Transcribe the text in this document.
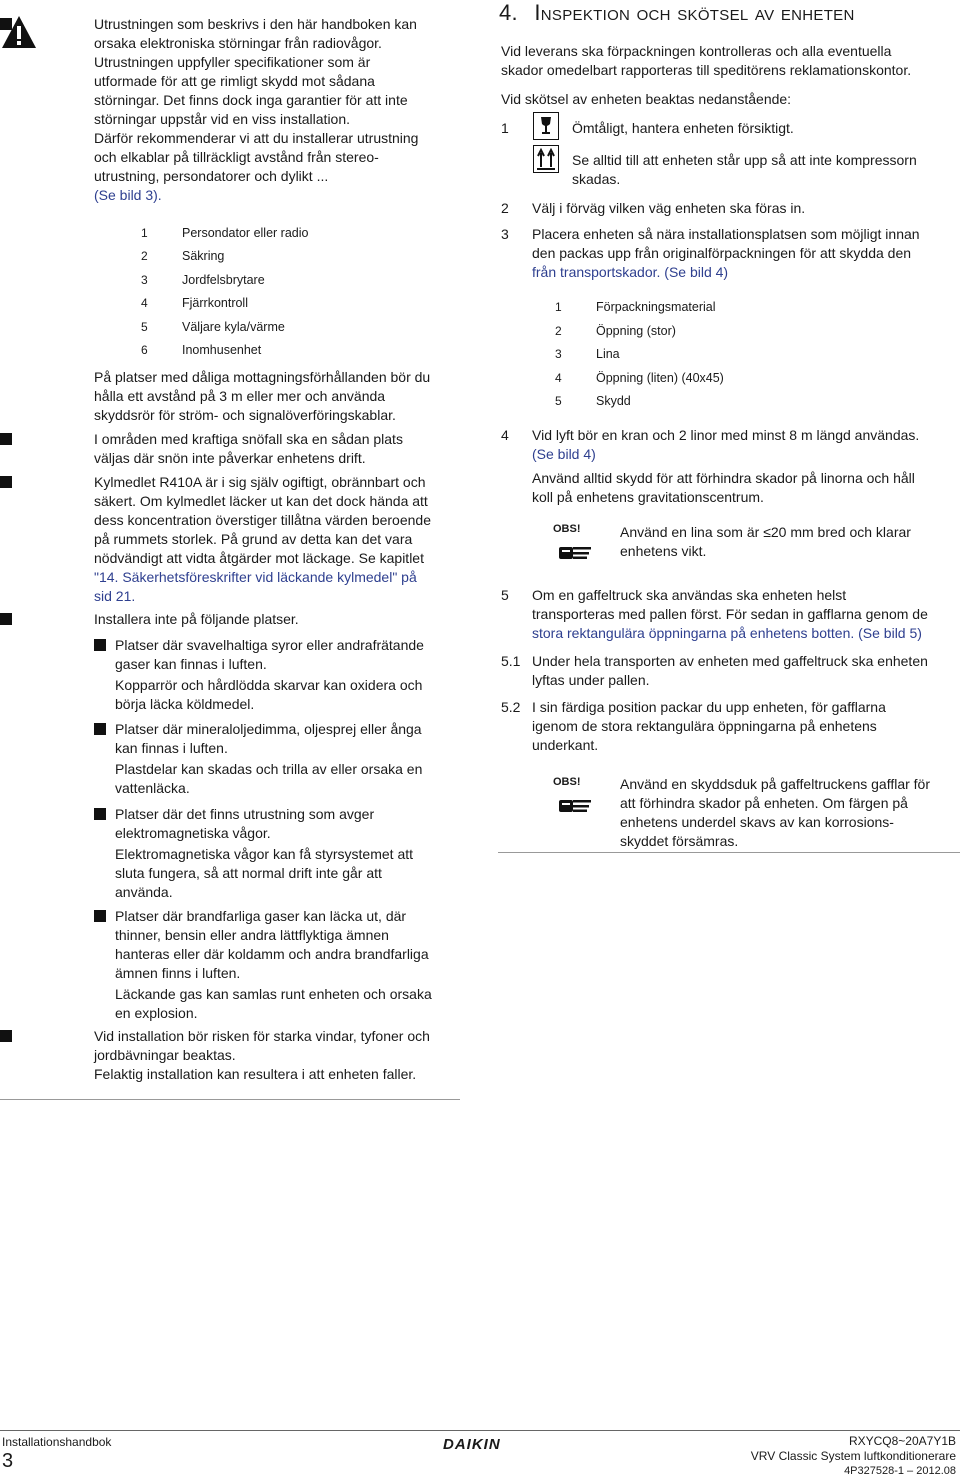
Utrustningen som beskrivs i den här handboken kan
orsaka elektroniska störningar från radiovågor.
Utrustningen uppfyller specifikationer som är
utformade för att ge rimligt skydd mot sådana
störningar. Det finns dock inga garantier för att inte
störningar uppstår vid en viss installation.
Därför rekommenderar vi att du installerar utrustning
och elkablar på tillräckligt avstånd från stereo-
utrustning, persondatorer och dylikt ...
(Se bild 3).
1	Persondator eller radio
2	Säkring
3	Jordfelsbrytare
4	Fjärrkontroll
5	Väljare kyla/värme
6	Inomhusenhet
På platser med dåliga mottagningsförhållanden bör du
hålla ett avstånd på 3 m eller mer och använda
skyddsrör för ström- och signalöverföringskablar.
I områden med kraftiga snöfall ska en sådan plats
väljas där snön inte påverkar enhetens drift.
Kylmedlet R410A är i sig själv ogiftigt, obrännbart och
säkert. Om kylmedlet läcker ut kan det dock hända att
dess koncentration överstiger tillåtna värden beroende
på rummets storlek. På grund av detta kan det vara
nödvändigt att vidta åtgärder mot läckage. Se kapitlet
"14. Säkerhetsföreskrifter vid läckande kylmedel" på
sid 21.
Installera inte på följande platser.
Platser där svavelhaltiga syror eller andrafrätande
gaser kan finnas i luften.
Kopparrör och hårdlödda skarvar kan oxidera och
börja läcka köldmedel.
Platser där mineraloljedimma, oljesprej eller ånga
kan finnas i luften.
Plastdelar kan skadas och trilla av eller orsaka en
vattenläcka.
Platser där det finns utrustning som avger
elektromagnetiska vågor.
Elektromagnetiska vågor kan få styrsystemet att
sluta fungera, så att normal drift inte går att
använda.
Platser där brandfarliga gaser kan läcka ut, där
thinner, bensin eller andra lättflyktiga ämnen
hanteras eller där koldamm och andra brandfarliga
ämnen finns i luften.
Läckande gas kan samlas runt enheten och orsaka
en explosion.
Vid installation bör risken för starka vindar, tyfoner och
jordbävningar beaktas.
Felaktig installation kan resultera i att enheten faller.
4. Inspektion och skötsel av enheten
Vid leverans ska förpackningen kontrolleras och alla eventuella
skador omedelbart rapporteras till speditörens reklamationskontor.
Vid skötsel av enheten beaktas nedanstående:
1	Ömtåligt, hantera enheten försiktigt.
Se alltid till att enheten står upp så att inte kompressorn
skadas.
2 Välj i förväg vilken väg enheten ska föras in.
3 Placera enheten så nära installationsplatsen som möjligt innan
den packas upp från originalförpackningen för att skydda den
från transportskador. (Se bild 4)
1	Förpackningsmaterial
2	Öppning (stor)
3	Lina
4	Öppning (liten) (40x45)
5	Skydd
4 Vid lyft bör en kran och 2 linor med minst 8 m längd användas.
(Se bild 4)
Använd alltid skydd för att förhindra skador på linorna och håll
koll på enhetens gravitationscentrum.
OBS!	Använd en lina som är ≤20 mm bred och klarar
enhetens vikt.
5 Om en gaffeltruck ska användas ska enheten helst
transporteras med pallen först. För sedan in gafflarna genom de
stora rektangulära öppningarna på enhetens botten. (Se bild 5)
5.1 Under hela transporten av enheten med gaffeltruck ska enheten
lyftas under pallen.
5.2 I sin färdiga position packar du upp enheten, för gafflarna
igenom de stora rektangulära öppningarna på enhetens
underkant.
OBS!	Använd en skyddsduk på gaffeltruckens gafflar för
att förhindra skador på enheten. Om färgen på
enhetens underdel skavs av kan korrosions-
skyddet försämras.
Installationshandbok
3
DAIKIN	RXYCQ8~20A7Y1B
VRV Classic System luftkonditionerare
4P327528-1 – 2012.08
